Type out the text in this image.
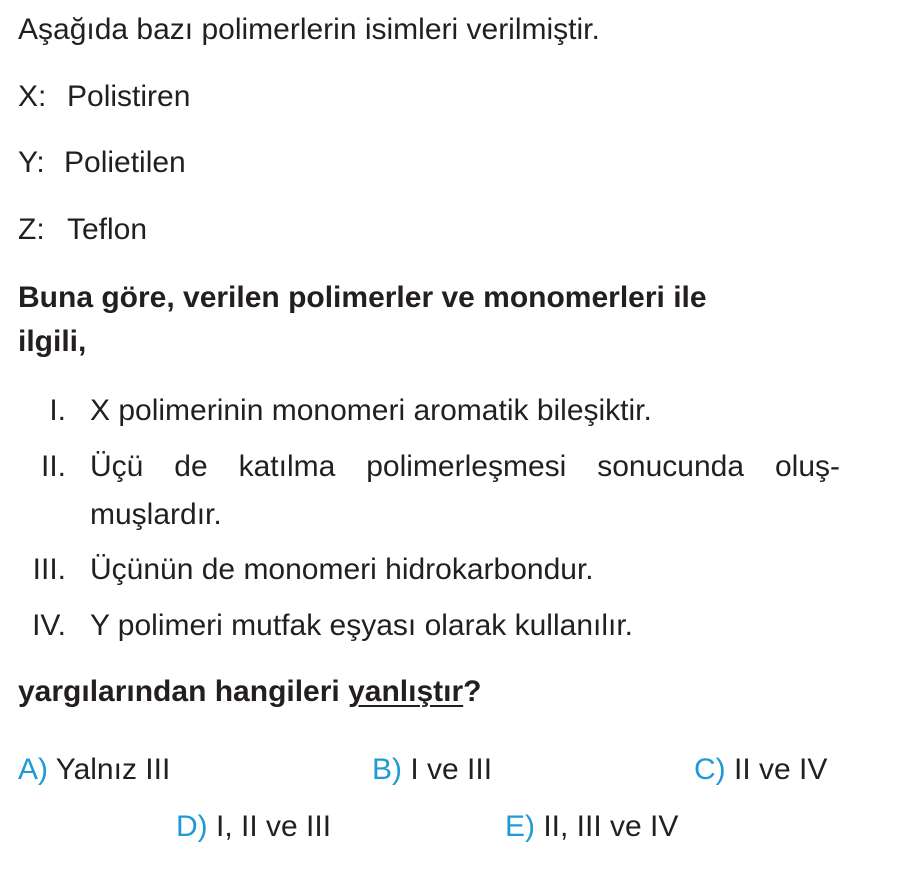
Aşağıda bazı polimerlerin isimleri verilmiştir.
X: Polistiren
Y: Polietilen
Z: Teflon
Buna göre, verilen polimerler ve monomerleri ile
ilgili,
I. X polimerinin monomeri aromatik bileşiktir.
II. Üçü de katılma polimerleşmesi sonucunda oluş-
muşlardır.
III. Üçünün de monomeri hidrokarbondur.
IV. Y polimeri mutfak eşyası olarak kullanılır.
yargılarından hangileri yanlıştır?
A) Yalnız III	B) I ve III	C) II ve IV
D) I, II ve III	E) II, III ve IV
